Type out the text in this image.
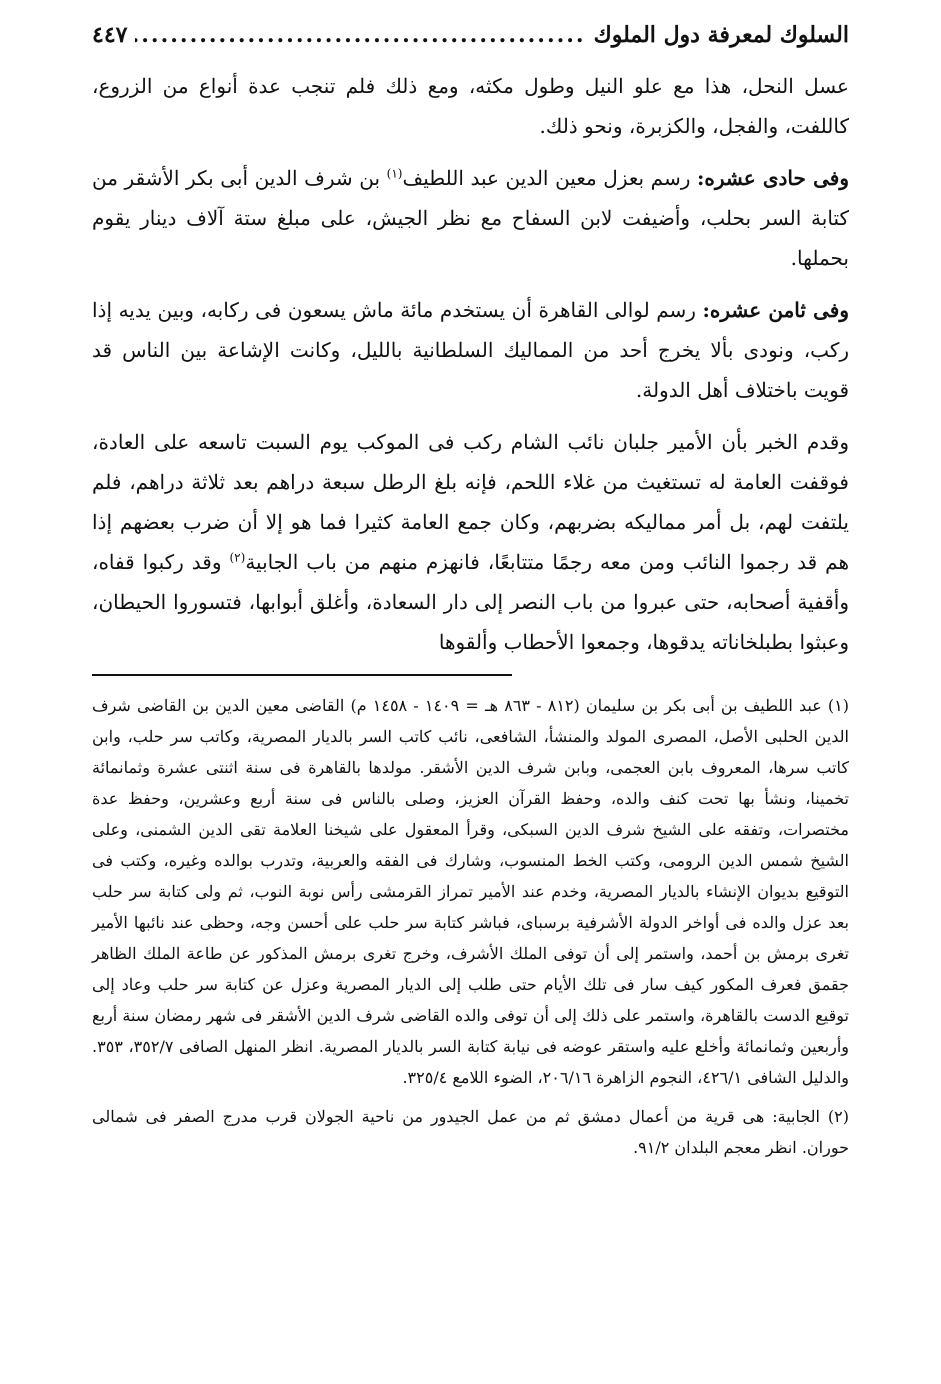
السلوك لمعرفة دول الملوك
.....
٤٤٧

عسل النحل، هذا مع علو النيل وطول مكثه، ومع ذلك فلم تنجب عدة أنواع من الزروع، كاللفت، والفجل، والكزبرة، ونحو ذلك.

وفى حادى عشره: رسم بعزل معين الدين عبد اللطيف$^{(١)}$ بن شرف الدين أبى بكر الأشقر من كتابة السر بحلب، وأضيفت لابن السفاح مع نظر الجيش، على مبلغ ستة آلاف دينار يقوم بحملها.

وفى ثامن عشره: رسم لوالى القاهرة أن يستخدم مائة ماش يسعون فى ركابه، وبين يديه إذا ركب، ونودى بألا يخرج أحد من المماليك السلطانية بالليل، وكانت الإشاعة بين الناس قد قويت باختلاف أهل الدولة.

وقدم الخبر بأن الأمير جلبان نائب الشام ركب فى الموكب يوم السبت تاسعه على العادة، فوقفت العامة له تستغيث من غلاء اللحم، فإنه بلغ الرطل سبعة دراهم بعد ثلاثة دراهم، فلم يلتفت لهم، بل أمر مماليكه بضربهم، وكان جمع العامة كثيرا فما هو إلا أن ضرب بعضهم إذا هم قد رجموا النائب ومن معه رجمًا متتابعًا، فانهزم منهم من باب الجابية$^{(٢)}$ وقد ركبوا قفاه، وأقفية أصحابه، حتى عبروا من باب النصر إلى دار السعادة، وأغلق أبوابها، فتسوروا الحيطان، وعبثوا بطبلخاناته يدقوها، وجمعوا الأحطاب وألقوها

(١) عبد اللطيف بن أبى بكر بن سليمان (٨١٢ - ٨٦٣ هـ = ١٤٠٩ - ١٤٥٨ م) القاضى معين الدين بن القاضى شرف الدين الحلبى الأصل، المصرى المولد والمنشأ، الشافعى، نائب كاتب السر بالديار المصرية، وكاتب سر حلب، وابن كاتب سرها، المعروف بابن العجمى، وبابن شرف الدين الأشقر. مولدها بالقاهرة فى سنة اثنتى عشرة وثمانمائة تخمينا، ونشأ بها تحت كنف والده، وحفظ القرآن العزيز، وصلى بالناس فى سنة أربع وعشرين، وحفظ عدة مختصرات، وتفقه على الشيخ شرف الدين السبكى، وقرأ المعقول على شيخنا العلامة تقى الدين الشمنى، وعلى الشيخ شمس الدين الرومى، وكتب الخط المنسوب، وشارك فى الفقه والعربية، وتدرب بوالده وغيره، وكتب فى التوقيع بديوان الإنشاء بالديار المصرية، وخدم عند الأمير تمراز القرمشى رأس نوبة النوب، ثم ولى كتابة سر حلب بعد عزل والده فى أواخر الدولة الأشرفية برسباى، فباشر كتابة سر حلب على أحسن وجه، وحظى عند نائبها الأمير تغرى برمش بن أحمد، واستمر إلى أن توفى الملك الأشرف، وخرج تغرى برمش المذكور عن طاعة الملك الظاهر جقمق فعرف المكور كيف سار فى تلك الأيام حتى طلب إلى الديار المصرية وعزل عن كتابة سر حلب وعاد إلى توقيع الدست بالقاهرة، واستمر على ذلك إلى أن توفى والده القاضى شرف الدين الأشقر فى شهر رمضان سنة أربع وأربعين وثمانمائة وأخلع عليه واستقر عوضه فى نيابة كتابة السر بالديار المصرية. انظر المنهل الصافى ٣٥٢/٧، ٣٥٣. والدليل الشافى ٤٢٦/١، النجوم الزاهرة ٢٠٦/١٦، الضوء اللامع ٣٢٥/٤.

(٢) الجابية: هى قرية من أعمال دمشق ثم من عمل الجيدور من ناحية الجولان قرب مدرج الصفر فى شمالى حوران. انظر معجم البلدان ٩١/٢.
